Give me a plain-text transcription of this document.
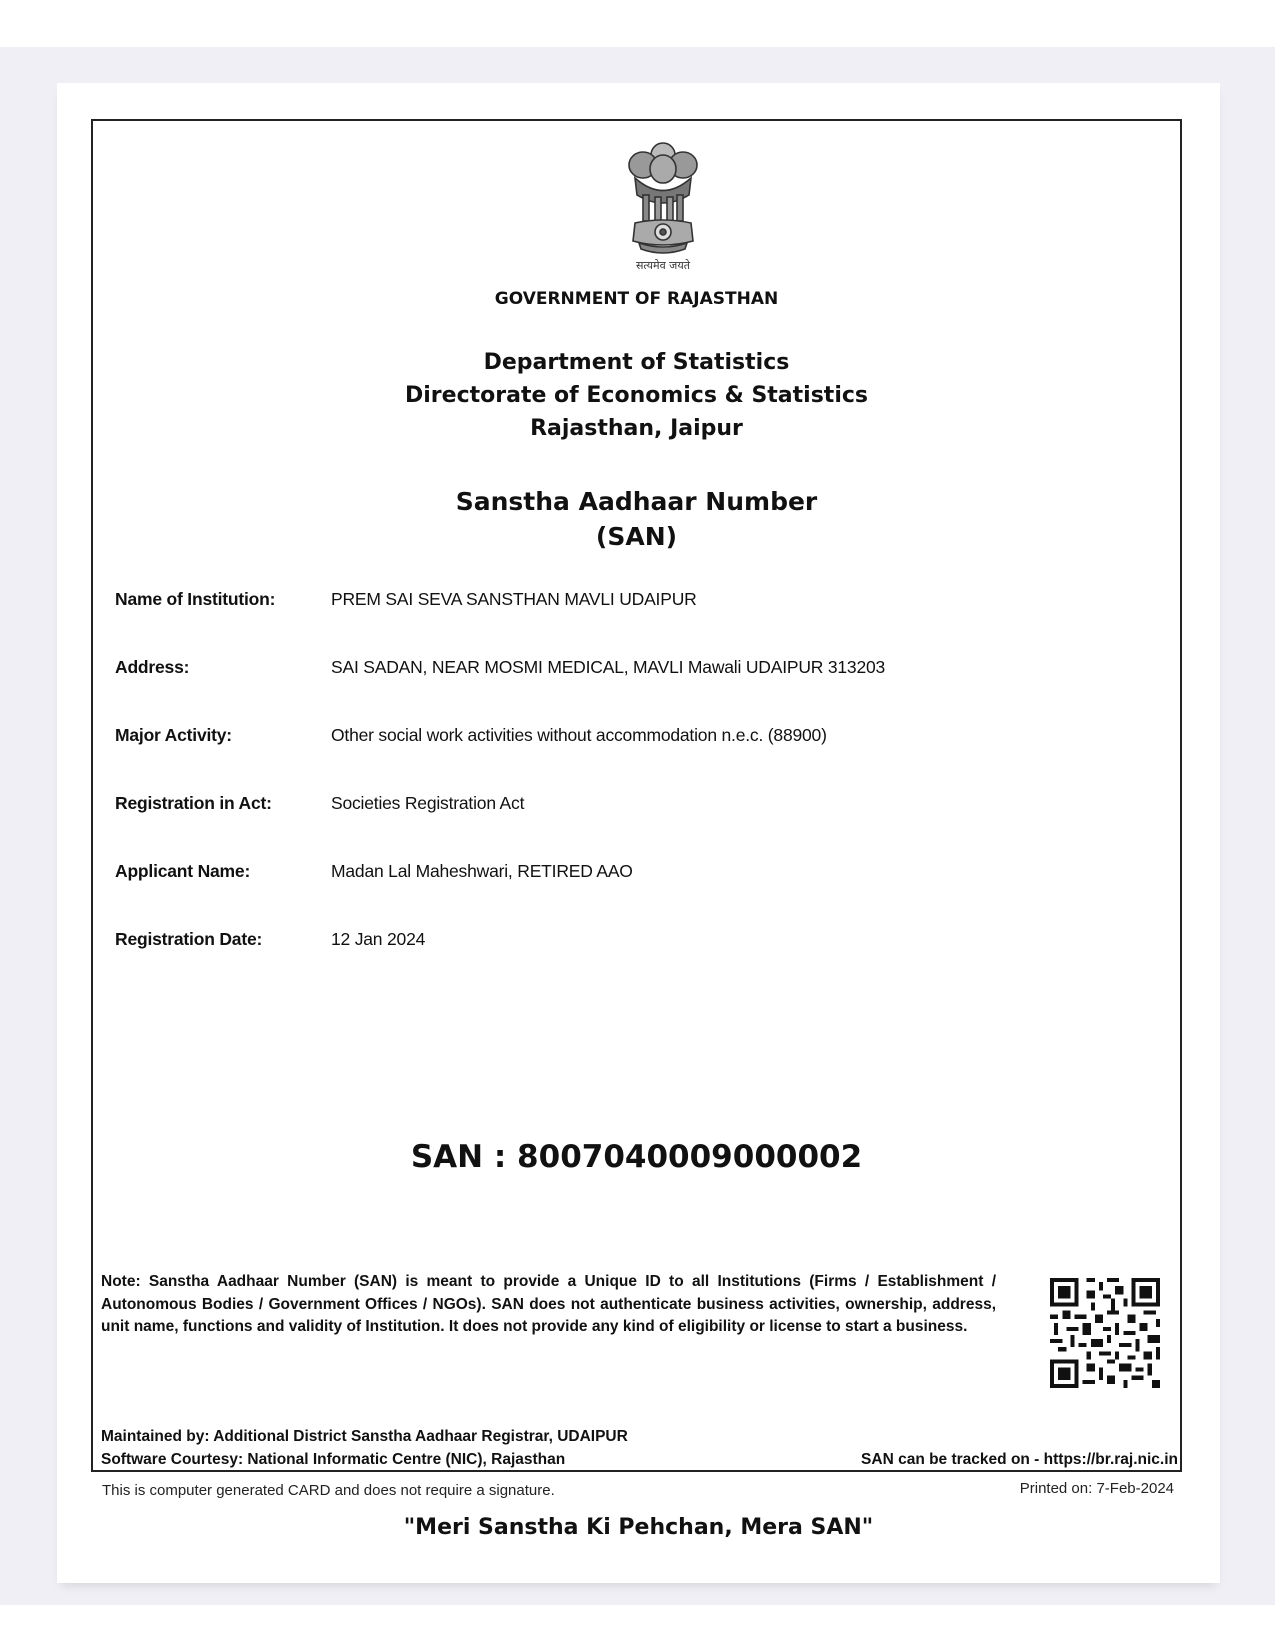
सत्यमेव जयते
GOVERNMENT OF RAJASTHAN
Department of Statistics
Directorate of Economics & Statistics
Rajasthan, Jaipur
Sanstha Aadhaar Number
(SAN)
Name of Institution:	PREM SAI SEVA SANSTHAN MAVLI UDAIPUR
Address:	SAI SADAN, NEAR MOSMI MEDICAL, MAVLI Mawali UDAIPUR 313203
Major Activity:	Other social work activities without accommodation n.e.c. (88900)
Registration in Act:	Societies Registration Act
Applicant Name:	Madan Lal Maheshwari, RETIRED AAO
Registration Date:	12 Jan 2024
SAN : 8007040009000002
Note: Sanstha Aadhaar Number (SAN) is meant to provide a Unique ID to all Institutions (Firms / Establishment / Autonomous Bodies / Government Offices / NGOs). SAN does not authenticate business activities, ownership, address, unit name, functions and validity of Institution. It does not provide any kind of eligibility or license to start a business.
Maintained by: Additional District Sanstha Aadhaar Registrar, UDAIPUR
Software Courtesy: National Informatic Centre (NIC), Rajasthan	SAN can be tracked on - https://br.raj.nic.in
This is computer generated CARD and does not require a signature.	Printed on: 7-Feb-2024
"Meri Sanstha Ki Pehchan, Mera SAN"
